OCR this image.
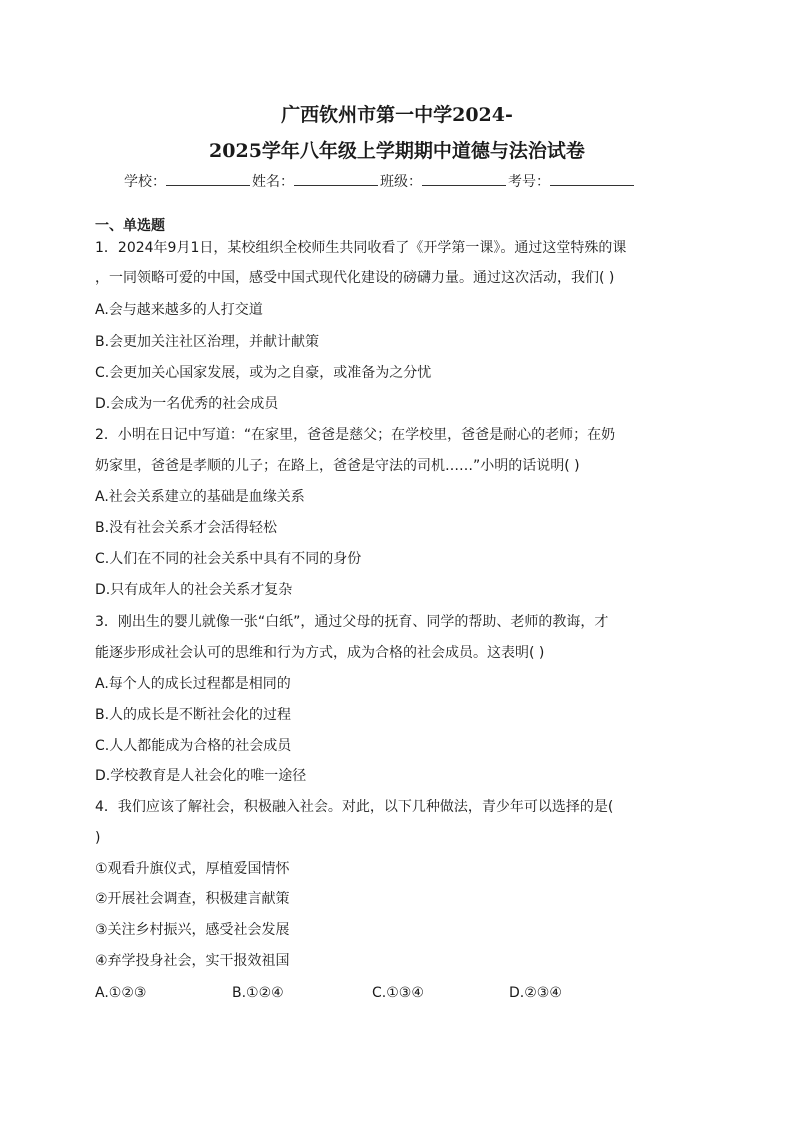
广西钦州市第一中学2024-
2025学年八年级上学期期中道德与法治试卷
学校：	姓名：	班级：	考号：
一、单选题
1．2024年9月1日，某校组织全校师生共同收看了《开学第一课》。通过这堂特殊的课
，一同领略可爱的中国，感受中国式现代化建设的磅礴力量。通过这次活动，我们( )
A.会与越来越多的人打交道
B.会更加关注社区治理，并献计献策
C.会更加关心国家发展，或为之自豪，或准备为之分忧
D.会成为一名优秀的社会成员
2．小明在日记中写道：“在家里，爸爸是慈父；在学校里，爸爸是耐心的老师；在奶
奶家里，爸爸是孝顺的儿子；在路上，爸爸是守法的司机……”小明的话说明( )
A.社会关系建立的基础是血缘关系
B.没有社会关系才会活得轻松
C.人们在不同的社会关系中具有不同的身份
D.只有成年人的社会关系才复杂
3．刚出生的婴儿就像一张“白纸”，通过父母的抚育、同学的帮助、老师的教诲，才
能逐步形成社会认可的思维和行为方式，成为合格的社会成员。这表明( )
A.每个人的成长过程都是相同的
B.人的成长是不断社会化的过程
C.人人都能成为合格的社会成员
D.学校教育是人社会化的唯一途径
4．我们应该了解社会，积极融入社会。对此，以下几种做法，青少年可以选择的是(
)
①观看升旗仪式，厚植爱国情怀
②开展社会调查，积极建言献策
③关注乡村振兴，感受社会发展
④弃学投身社会，实干报效祖国
A.①②③	B.①②④	C.①③④	D.②③④
